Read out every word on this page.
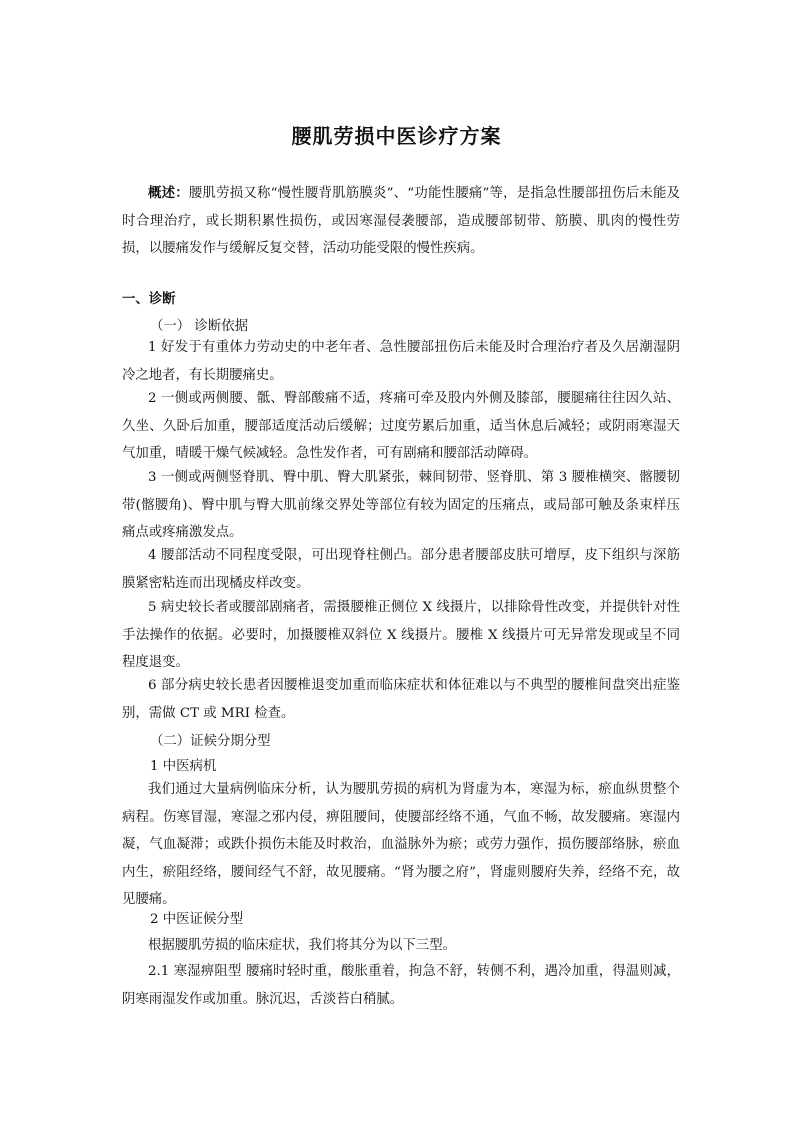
腰肌劳损中医诊疗方案
概述：腰肌劳损又称“慢性腰背肌筋膜炎”、“功能性腰痛”等，是指急性腰部扭伤后未能及时合理治疗，或长期积累性损伤，或因寒湿侵袭腰部，造成腰部韧带、筋膜、肌肉的慢性劳损，以腰痛发作与缓解反复交替，活动功能受限的慢性疾病。
一、诊断
（一） 诊断依据
1 好发于有重体力劳动史的中老年者、急性腰部扭伤后未能及时合理治疗者及久居潮湿阴冷之地者，有长期腰痛史。
2 一侧或两侧腰、骶、臀部酸痛不适，疼痛可牵及股内外侧及膝部，腰腿痛往往因久站、久坐、久卧后加重，腰部适度活动后缓解；过度劳累后加重，适当休息后减轻；或阴雨寒湿天气加重，晴暖干燥气候减轻。急性发作者，可有剧痛和腰部活动障碍。
3 一侧或两侧竖脊肌、臀中肌、臀大肌紧张，棘间韧带、竖脊肌、第 3 腰椎横突、髂腰韧带(髂腰角)、臀中肌与臀大肌前缘交界处等部位有较为固定的压痛点，或局部可触及条束样压痛点或疼痛激发点。
4 腰部活动不同程度受限，可出现脊柱侧凸。部分患者腰部皮肤可增厚，皮下组织与深筋膜紧密粘连而出现橘皮样改变。
5 病史较长者或腰部剧痛者，需摄腰椎正侧位 X 线摄片，以排除骨性改变，并提供针对性手法操作的依据。必要时，加摄腰椎双斜位 X 线摄片。腰椎 X 线摄片可无异常发现或呈不同程度退变。
6 部分病史较长患者因腰椎退变加重而临床症状和体征难以与不典型的腰椎间盘突出症鉴别，需做 CT 或 MRI 检查。
（二）证候分期分型
1 中医病机
我们通过大量病例临床分析，认为腰肌劳损的病机为肾虚为本，寒湿为标，瘀血纵贯整个病程。伤寒冒湿，寒湿之邪内侵，痹阻腰间，使腰部经络不通，气血不畅，故发腰痛。寒湿内凝，气血凝滞；或跌仆损伤未能及时救治，血溢脉外为瘀；或劳力强作，损伤腰部络脉，瘀血内生，瘀阻经络，腰间经气不舒，故见腰痛。“肾为腰之府”，肾虚则腰府失养，经络不充，故见腰痛。
2 中医证候分型
根据腰肌劳损的临床症状，我们将其分为以下三型。
2.1 寒湿痹阻型 腰痛时轻时重，酸胀重着，拘急不舒，转侧不利，遇冷加重，得温则减，阴寒雨湿发作或加重。脉沉迟，舌淡苔白稍腻。
